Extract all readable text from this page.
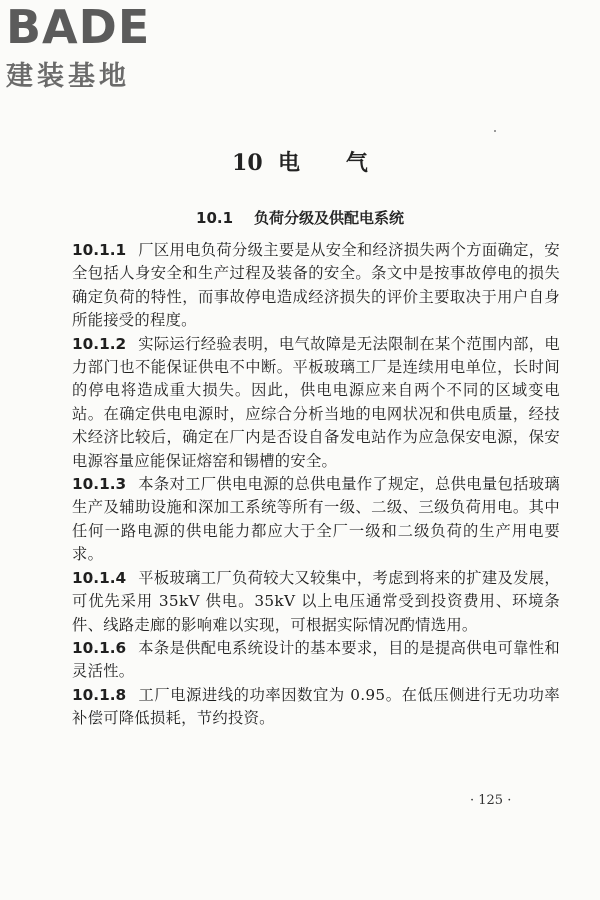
BADE
建装基地
10  电      气
10.1    负荷分级及供配电系统

10.1.1 厂区用电负荷分级主要是从安全和经济损失两个方面确定，安全包括人身安全和生产过程及装备的安全。条文中是按事故停电的损失确定负荷的特性，而事故停电造成经济损失的评价主要取决于用户自身所能接受的程度。

10.1.2 实际运行经验表明，电气故障是无法限制在某个范围内部，电力部门也不能保证供电不中断。平板玻璃工厂是连续用电单位，长时间的停电将造成重大损失。因此，供电电源应来自两个不同的区域变电站。在确定供电电源时，应综合分析当地的电网状况和供电质量，经技术经济比较后，确定在厂内是否设自备发电站作为应急保安电源，保安电源容量应能保证熔窑和锡槽的安全。

10.1.3 本条对工厂供电电源的总供电量作了规定，总供电量包括玻璃生产及辅助设施和深加工系统等所有一级、二级、三级负荷用电。其中任何一路电源的供电能力都应大于全厂一级和二级负荷的生产用电要求。

10.1.4 平板玻璃工厂负荷较大又较集中，考虑到将来的扩建及发展，可优先采用 35kV 供电。35kV 以上电压通常受到投资费用、环境条件、线路走廊的影响难以实现，可根据实际情况酌情选用。

10.1.6 本条是供配电系统设计的基本要求，目的是提高供电可靠性和灵活性。

10.1.8 工厂电源进线的功率因数宜为 0.95。在低压侧进行无功功率补偿可降低损耗，节约投资。

· 125 ·
